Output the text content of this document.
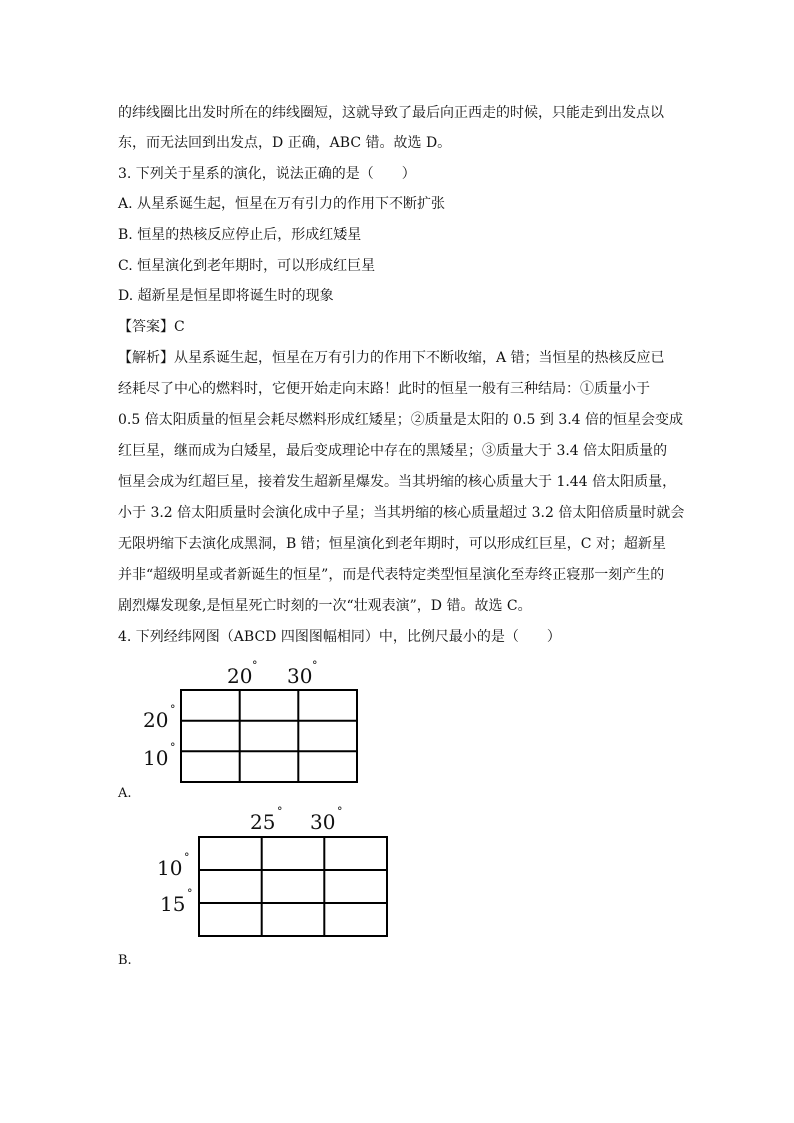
的纬线圈比出发时所在的纬线圈短，这就导致了最后向正西走的时候，只能走到出发点以
东，而无法回到出发点，D 正确，ABC 错。故选 D。
3. 下列关于星系的演化，说法正确的是（　　）
A. 从星系诞生起，恒星在万有引力的作用下不断扩张
B. 恒星的热核反应停止后，形成红矮星
C. 恒星演化到老年期时，可以形成红巨星
D. 超新星是恒星即将诞生时的现象
【答案】C
【解析】从星系诞生起，恒星在万有引力的作用下不断收缩，A 错；当恒星的热核反应已
经耗尽了中心的燃料时，它便开始走向末路！此时的恒星一般有三种结局：①质量小于
0.5 倍太阳质量的恒星会耗尽燃料形成红矮星；②质量是太阳的 0.5 到 3.4 倍的恒星会变成
红巨星，继而成为白矮星，最后变成理论中存在的黑矮星；③质量大于 3.4 倍太阳质量的
恒星会成为红超巨星，接着发生超新星爆发。当其坍缩的核心质量大于 1.44 倍太阳质量，
小于 3.2 倍太阳质量时会演化成中子星；当其坍缩的核心质量超过 3.2 倍太阳倍质量时就会
无限坍缩下去演化成黑洞，B 错；恒星演化到老年期时，可以形成红巨星，C 对；超新星
并非“超级明星或者新诞生的恒星”，而是代表特定类型恒星演化至寿终正寝那一刻产生的
剧烈爆发现象,是恒星死亡时刻的一次“壮观表演”，D 错。故选 C。
4. 下列经纬网图（ABCD 四图图幅相同）中，比例尺最小的是（　　）
20 ° 30 °
20 °
10 °
A.
25 ° 30 °
10 °
15 °
B.
